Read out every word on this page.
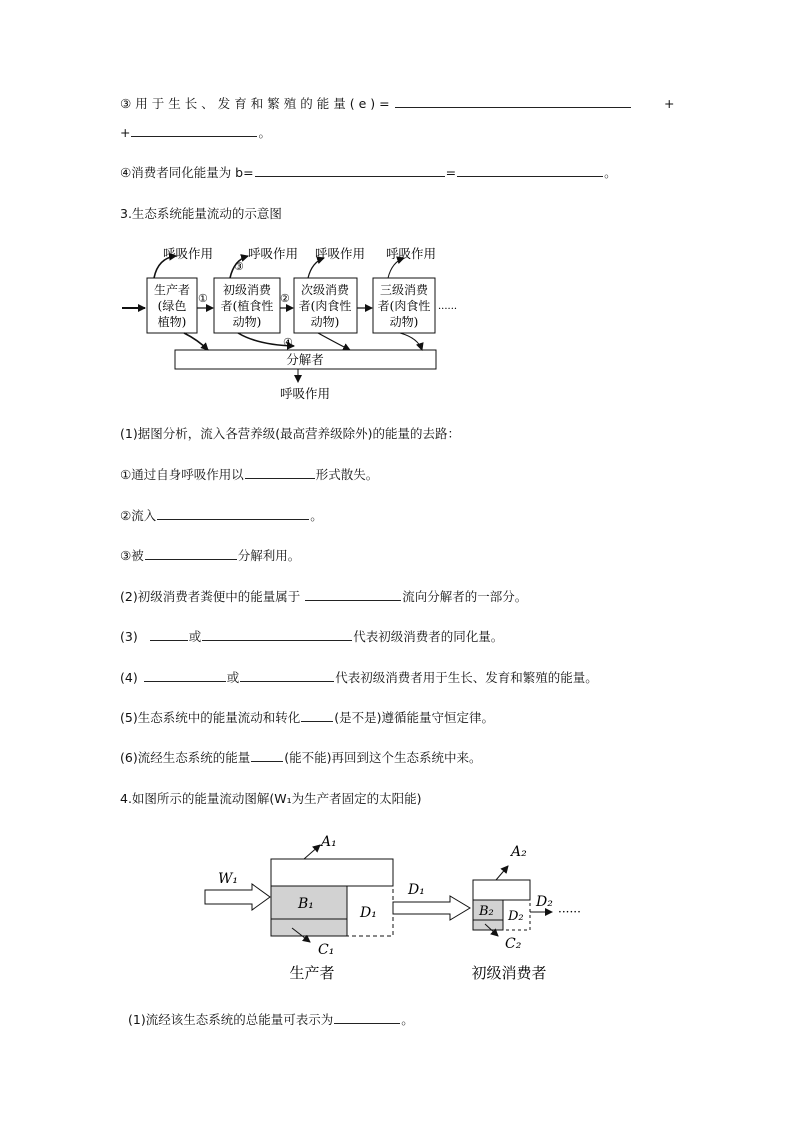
③用于生长、发育和繁殖的能量(e)=	+
+	。
④消费者同化能量为 b=	=	。
3.生态系统能量流动的示意图
生产者
(绿色
植物)
初级消费
者(植食性
动物)
次级消费
者(肉食性
动物)
三级消费
者(肉食性
动物)
①	②
······
呼吸作用	呼吸作用 呼吸作用 呼吸作用
③
分解者
④
呼吸作用
(1)据图分析，流入各营养级(最高营养级除外)的能量的去路：
①通过自身呼吸作用以	形式散失。
②流入	。
③被	分解利用。
(2)初级消费者粪便中的能量属于	流向分解者的一部分。
(3)	或	代表初级消费者的同化量。
(4)	或	代表初级消费者用于生长、发育和繁殖的能量。
(5)生态系统中的能量流动和转化	(是不是)遵循能量守恒定律。
(6)流经生态系统的能量	(能不能)再回到这个生态系统中来。
4.如图所示的能量流动图解(W₁为生产者固定的太阳能)
W₁
B₁
D₁
A₁
C₁
D₁
B₂ D₂
A₂
C₂
D₂
······
生产者	初级消费者
(1)流经该生态系统的总能量可表示为	。
